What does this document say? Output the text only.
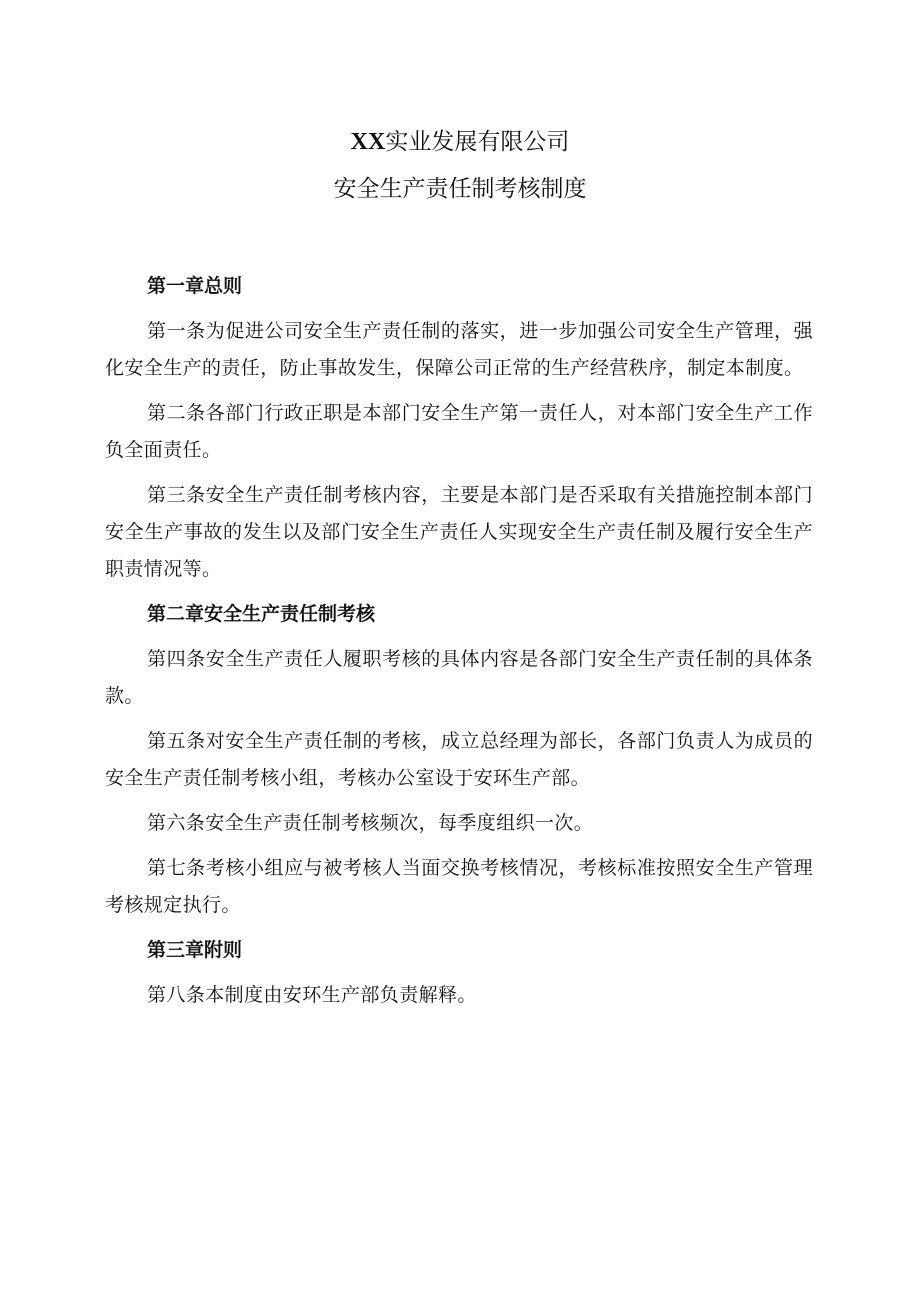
XX实业发展有限公司
安全生产责任制考核制度
第一章总则

第一条为促进公司安全生产责任制的落实，进一步加强公司安全生产管理，强化安全生产的责任，防止事故发生，保障公司正常的生产经营秩序，制定本制度。

第二条各部门行政正职是本部门安全生产第一责任人，对本部门安全生产工作负全面责任。

第三条安全生产责任制考核内容，主要是本部门是否采取有关措施控制本部门安全生产事故的发生以及部门安全生产责任人实现安全生产责任制及履行安全生产职责情况等。

第二章安全生产责任制考核

第四条安全生产责任人履职考核的具体内容是各部门安全生产责任制的具体条款。

第五条对安全生产责任制的考核，成立总经理为部长，各部门负责人为成员的安全生产责任制考核小组，考核办公室设于安环生产部。

第六条安全生产责任制考核频次，每季度组织一次。

第七条考核小组应与被考核人当面交换考核情况，考核标准按照安全生产管理考核规定执行。

第三章附则

第八条本制度由安环生产部负责解释。
